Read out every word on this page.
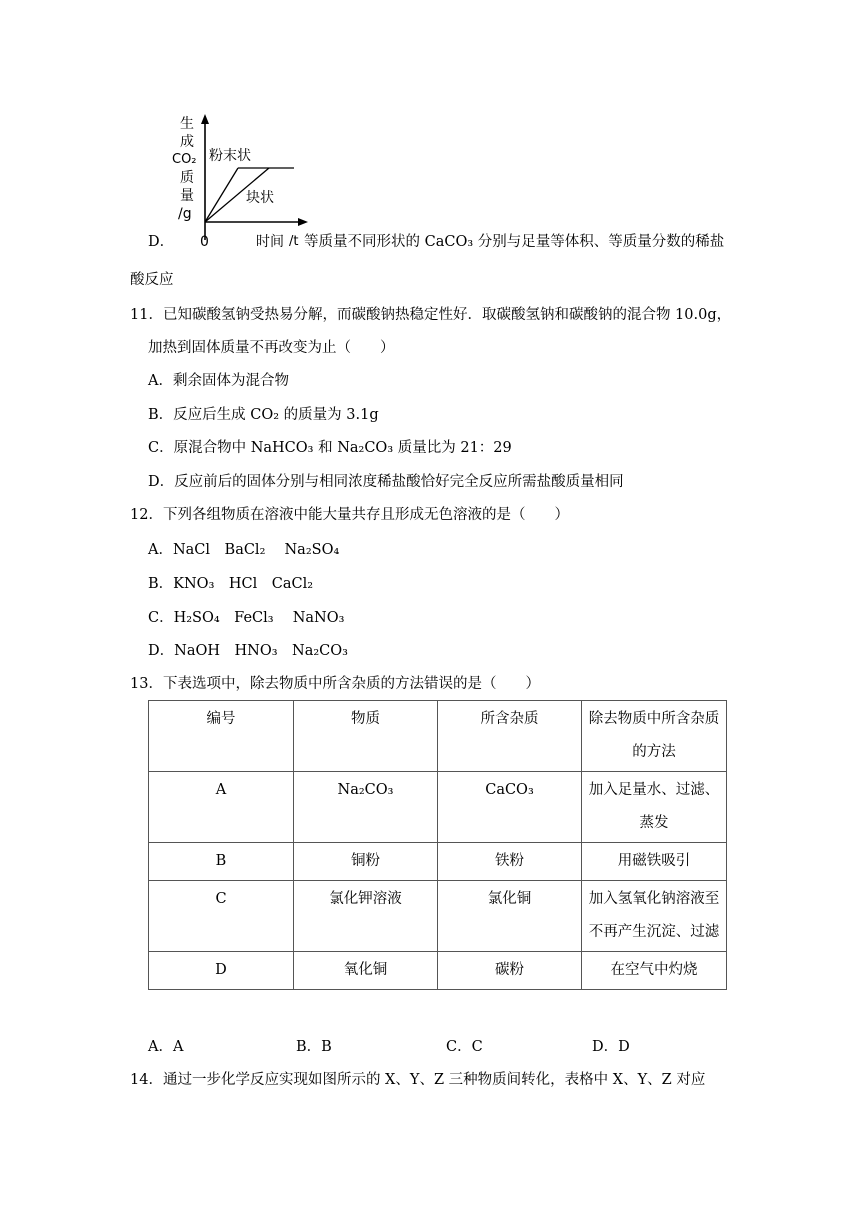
D．
生
成
CO₂
质
量
/g
粉末状
块状
0	时间 /t 等质量不同形状的 CaCO₃ 分别与足量等体积、等质量分数的稀盐
酸反应
11．已知碳酸氢钠受热易分解，而碳酸钠热稳定性好．取碳酸氢钠和碳酸钠的混合物 10.0g，
加热到固体质量不再改变为止（　　）
A．剩余固体为混合物
B．反应后生成 CO₂ 的质量为 3.1g
C．原混合物中 NaHCO₃ 和 Na₂CO₃ 质量比为 21：29
D．反应前后的固体分别与相同浓度稀盐酸恰好完全反应所需盐酸质量相同
12．下列各组物质在溶液中能大量共存且形成无色溶液的是（　　）
A．NaCl　BaCl₂　 Na₂SO₄
B．KNO₃　HCl　CaCl₂
C．H₂SO₄　FeCl₃　 NaNO₃
D．NaOH　HNO₃　Na₂CO₃
13．下表选项中，除去物质中所含杂质的方法错误的是（　　）
编号	物质	所含杂质	除去物质中所含杂质的方法
A	Na₂CO₃	CaCO₃	加入足量水、过滤、蒸发
B	铜粉	铁粉	用磁铁吸引
C	氯化钾溶液	氯化铜	加入氢氧化钠溶液至不再产生沉淀、过滤
D	氧化铜	碳粉	在空气中灼烧
A．A	B．B	C．C	D．D
14．通过一步化学反应实现如图所示的 X、Y、Z 三种物质间转化，表格中 X、Y、Z 对应
